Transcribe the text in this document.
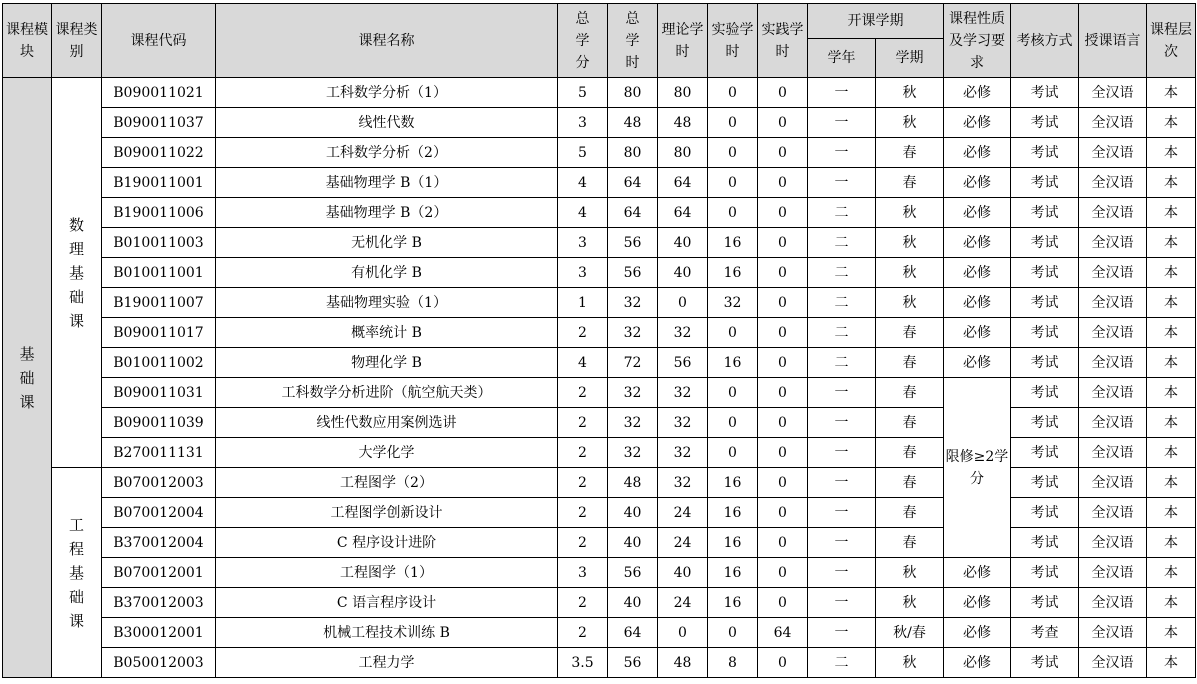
课程模块	课程类别	课程代码	课程名称	总学分	总学时	理论学时	实验学时	实践学时	开课学期		课程性质及学习要求	考核方式	授课语言	课程层次
									学年	学期				
基础课	数理基础课	B090011021	工科数学分析（1）	5	80	80	0	0	一	秋	必修	考试	全汉语	本
		B090011037	线性代数	3	48	48	0	0	一	秋	必修	考试	全汉语	本
		B090011022	工科数学分析（2）	5	80	80	0	0	一	春	必修	考试	全汉语	本
		B190011001	基础物理学 B（1）	4	64	64	0	0	一	春	必修	考试	全汉语	本
		B190011006	基础物理学 B（2）	4	64	64	0	0	二	秋	必修	考试	全汉语	本
		B010011003	无机化学 B	3	56	40	16	0	二	秋	必修	考试	全汉语	本
		B010011001	有机化学 B	3	56	40	16	0	二	秋	必修	考试	全汉语	本
		B190011007	基础物理实验（1）	1	32	0	32	0	二	秋	必修	考试	全汉语	本
		B090011017	概率统计 B	2	32	32	0	0	二	春	必修	考试	全汉语	本
		B010011002	物理化学 B	4	72	56	16	0	二	春	必修	考试	全汉语	本
		B090011031	工科数学分析进阶（航空航天类）	2	32	32	0	0	一	春	限修≥2学分	考试	全汉语	本
		B090011039	线性代数应用案例选讲	2	32	32	0	0	一	春		考试	全汉语	本
		B270011131	大学化学	2	32	32	0	0	一	春		考试	全汉语	本
	工程基础课	B070012003	工程图学（2）	2	48	32	16	0	一	春		考试	全汉语	本
		B070012004	工程图学创新设计	2	40	24	16	0	一	春		考试	全汉语	本
		B370012004	C 程序设计进阶	2	40	24	16	0	一	春		考试	全汉语	本
		B070012001	工程图学（1）	3	56	40	16	0	一	秋	必修	考试	全汉语	本
		B370012003	C 语言程序设计	2	40	24	16	0	一	秋	必修	考试	全汉语	本
		B300012001	机械工程技术训练 B	2	64	0	0	64	一	秋/春	必修	考查	全汉语	本
		B050012003	工程力学	3.5	56	48	8	0	二	秋	必修	考试	全汉语	本
